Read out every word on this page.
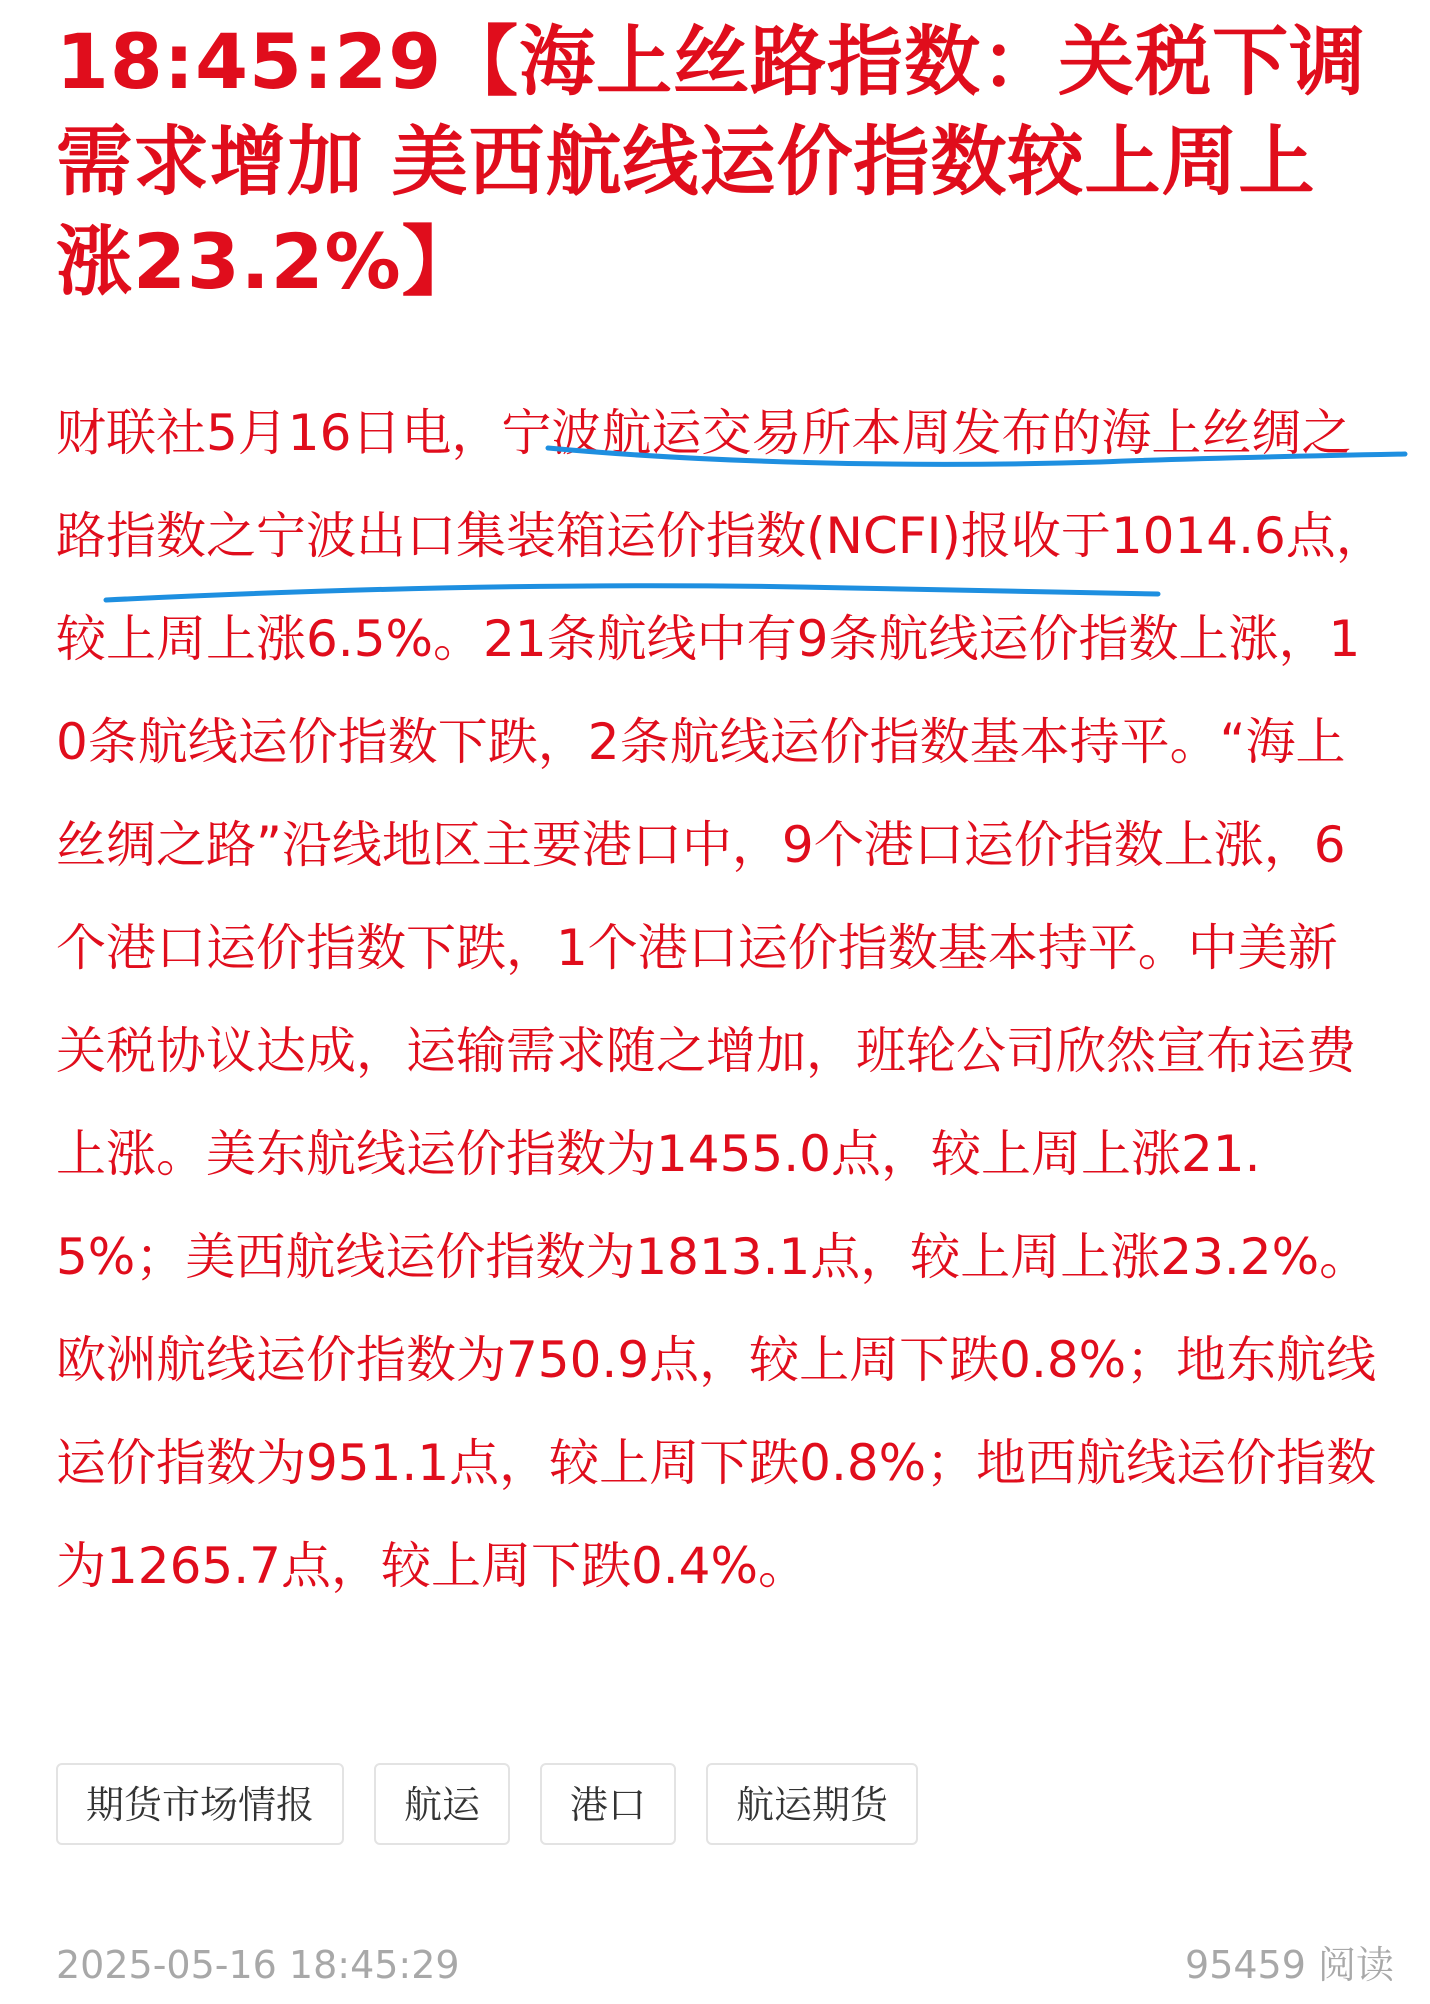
18:45:29【海上丝路指数：关税下调需求增加 美西航线运价指数较上周上涨23.2%】

财联社5月16日电，宁波航运交易所本周发布的海上丝绸之路指数之宁波出口集装箱运价指数(NCFI)报收于1014.6点，较上周上涨6.5%。21条航线中有9条航线运价指数上涨，10条航线运价指数下跌，2条航线运价指数基本持平。“海上丝绸之路”沿线地区主要港口中，9个港口运价指数上涨，6个港口运价指数下跌，1个港口运价指数基本持平。中美新关税协议达成，运输需求随之增加，班轮公司欣然宣布运费上涨。美东航线运价指数为1455.0点，较上周上涨21.5%；美西航线运价指数为1813.1点，较上周上涨23.2%。欧洲航线运价指数为750.9点，较上周下跌0.8%；地东航线运价指数为951.1点，较上周下跌0.8%；地西航线运价指数为1265.7点，较上周下跌0.4%。

期货市场情报	航运	港口	航运期货
2025-05-16 18:45:29	95459 阅读
